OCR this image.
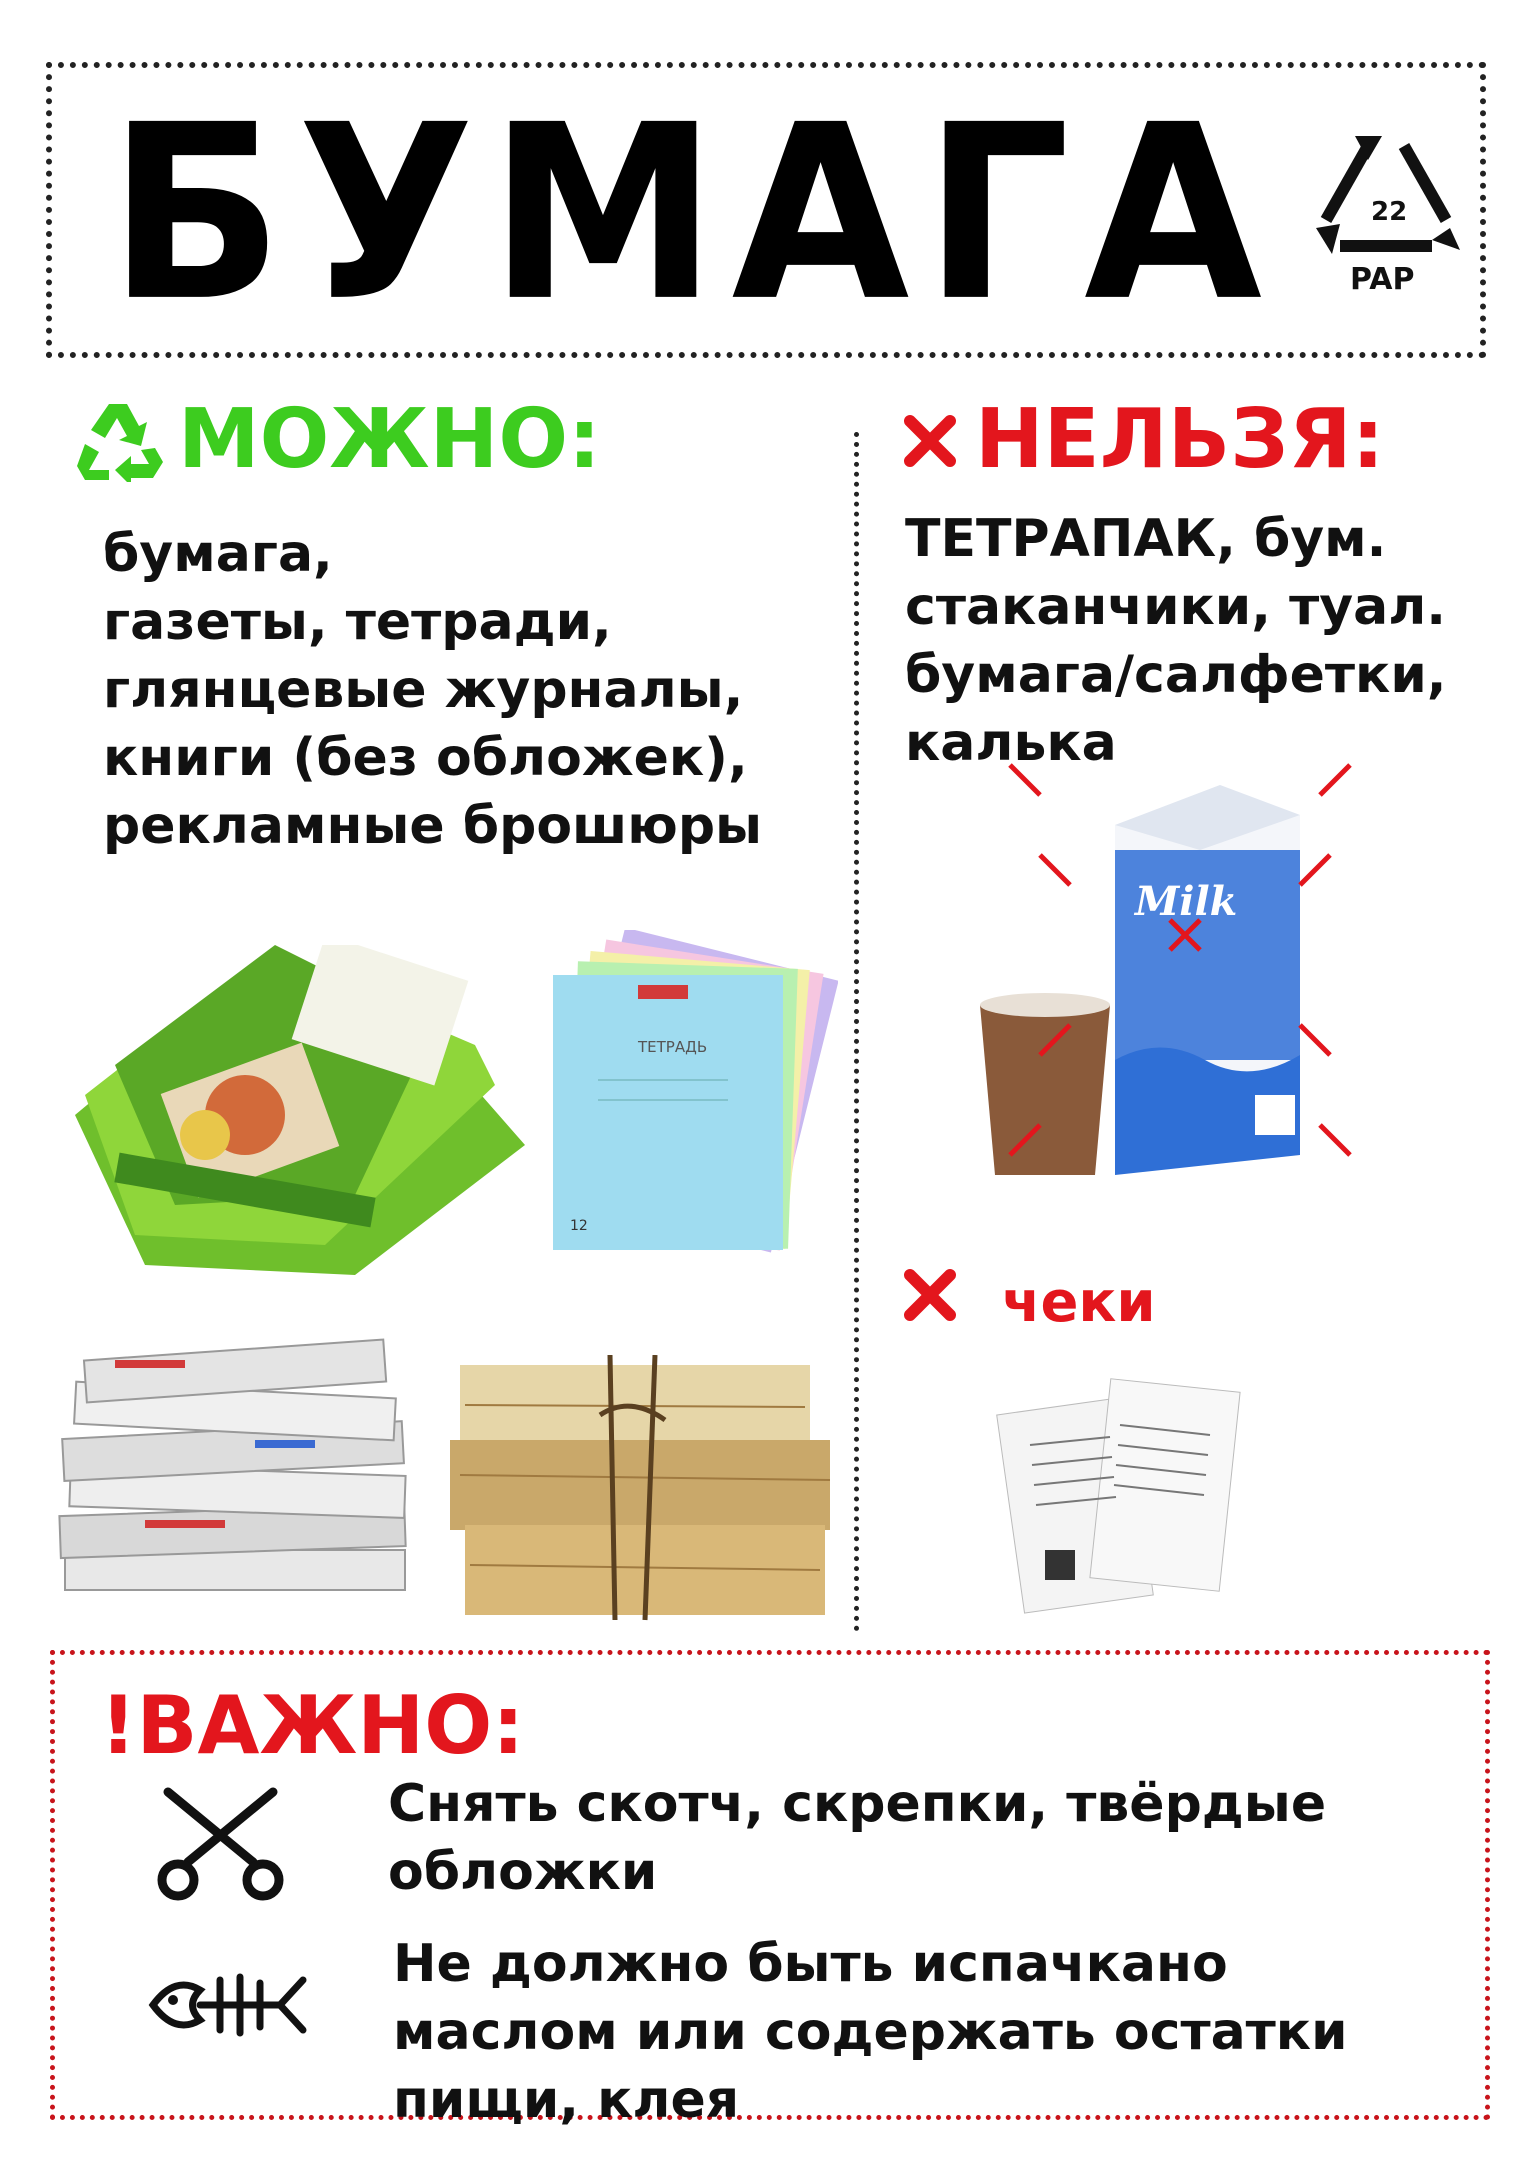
БУМАГА	22
PAP
МОЖНО:
бумага,
газеты, тетради,
глянцевые журналы,
книги (без обложек),
рекламные брошюры
ТЕТРАДЬ
12
НЕЛЬЗЯ:
Milk
ТЕТРАПАК, бум.
стаканчики, туал.
бумага/салфетки,
калька
чеки
!ВАЖНО:
Снять скотч, скрепки, твёрдые
обложки
Не должно быть испачкано
маслом или содержать остатки
пищи, клея
